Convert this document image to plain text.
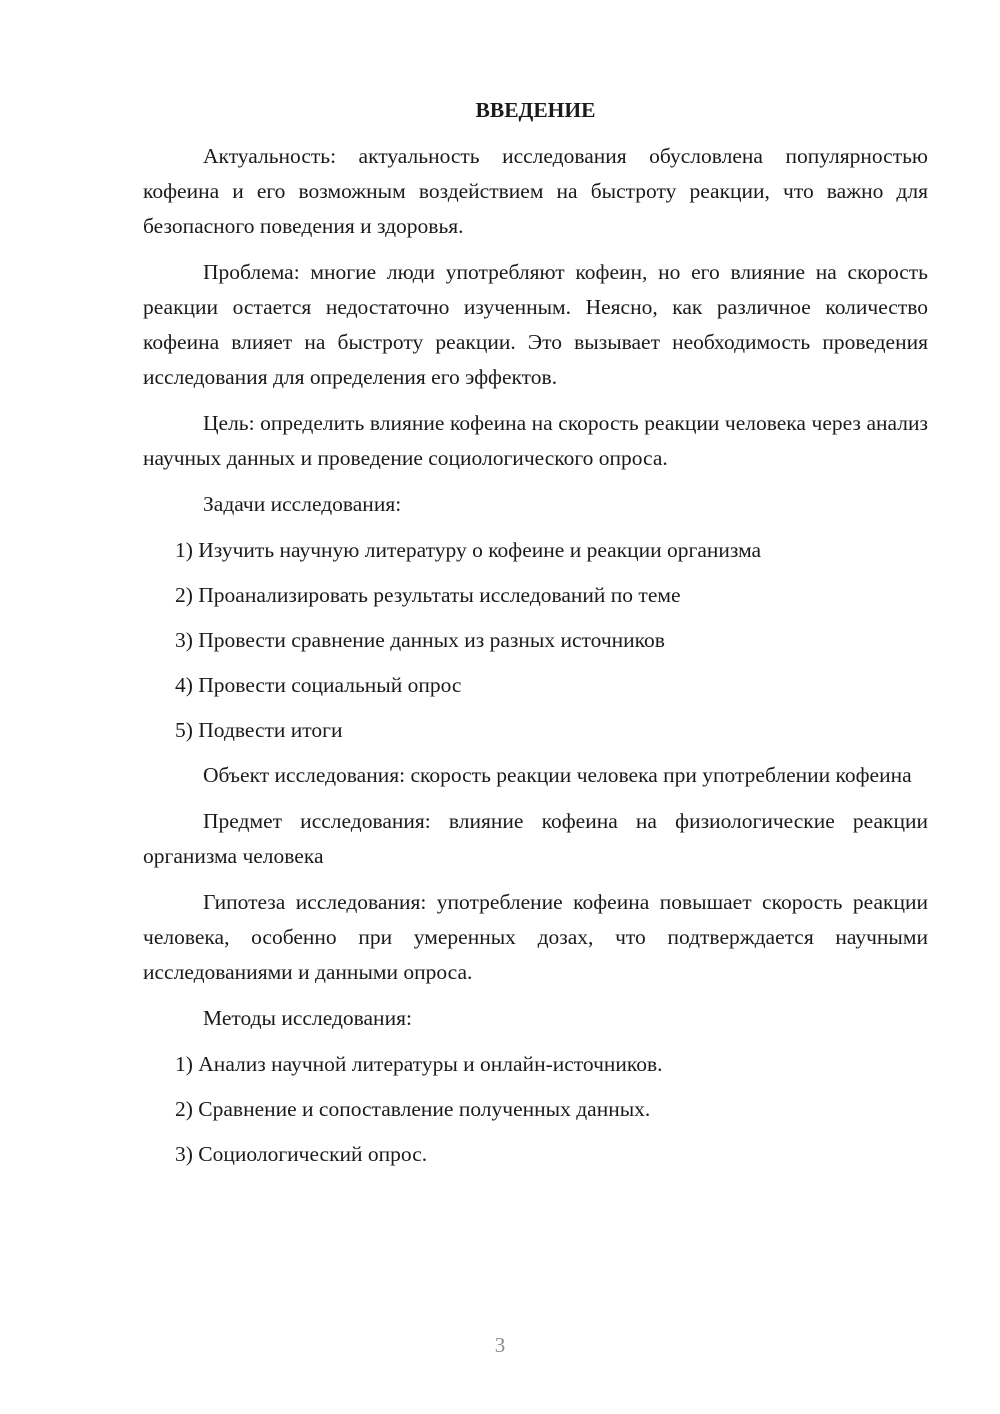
ВВЕДЕНИЕ

Актуальность: актуальность исследования обусловлена популярностью кофеина и его возможным воздействием на быстроту реакции, что важно для безопасного поведения и здоровья.

Проблема: многие люди употребляют кофеин, но его влияние на скорость реакции остается недостаточно изученным. Неясно, как различное количество кофеина влияет на быстроту реакции. Это вызывает необходимость проведения исследования для определения его эффектов.

Цель: определить влияние кофеина на скорость реакции человека через анализ научных данных и проведение социологического опроса.

Задачи исследования:

1) Изучить научную литературу о кофеине и реакции организма
2) Проанализировать результаты исследований по теме
3) Провести сравнение данных из разных источников
4) Провести социальный опрос
5) Подвести итоги

Объект исследования: скорость реакции человека при употреблении кофеина

Предмет исследования: влияние кофеина на физиологические реакции организма человека

Гипотеза исследования: употребление кофеина повышает скорость реакции человека, особенно при умеренных дозах, что подтверждается научными исследованиями и данными опроса.

Методы исследования:

1) Анализ научной литературы и онлайн-источников.
2) Сравнение и сопоставление полученных данных.
3) Социологический опрос.
3
